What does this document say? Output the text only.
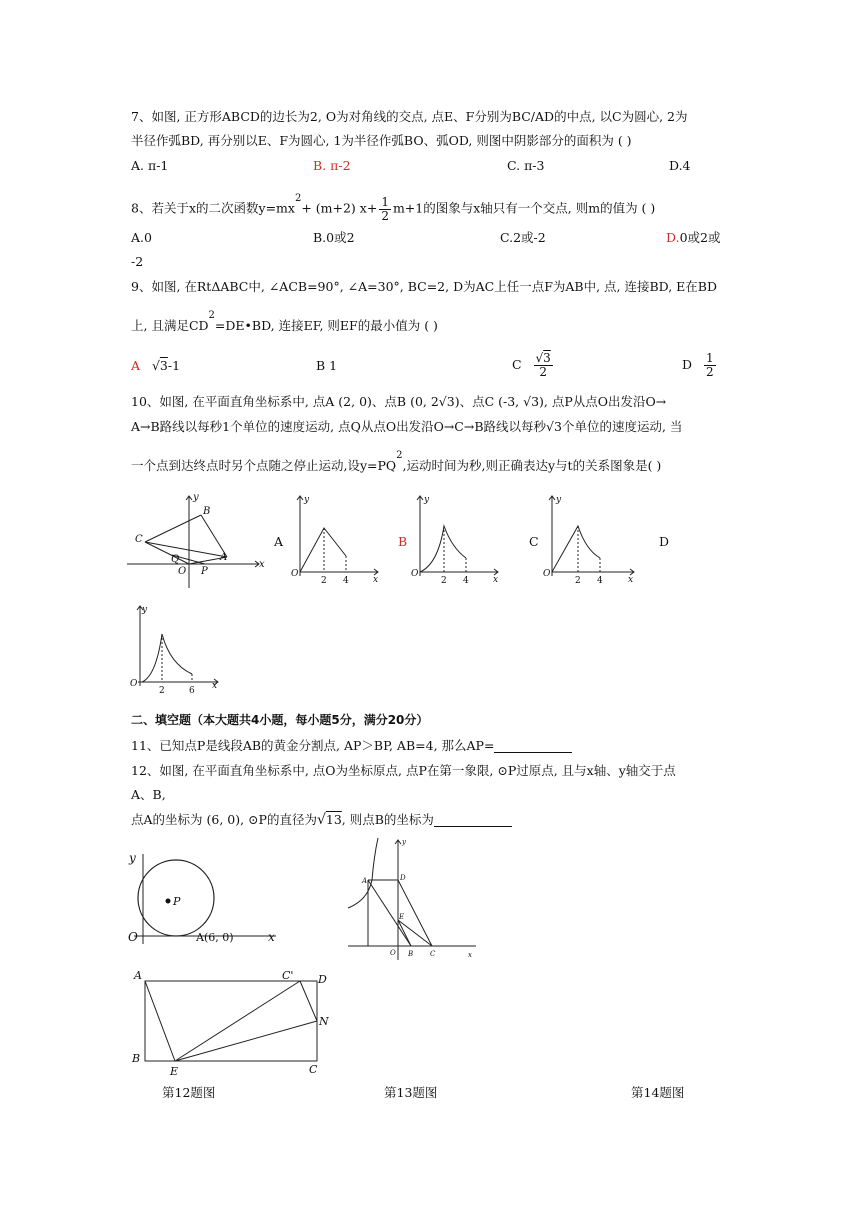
7、如图, 正方形ABCD的边长为2, O为对角线的交点, 点E、F分别为BC/AD的中点, 以C为圆心, 2为
半径作弧BD, 再分别以E、F为圆心, 1为半径作弧BO、弧OD, 则图中阴影部分的面积为 ( )
A. π-1	B. π-2	C. π-3	D.4
8、若关于x的二次函数$y=mx^2+ (m+2)$ $x+ \frac{1}{2} m+1$的图象与x轴只有一个交点, 则m的值为 ( )
A.0	B.0或2	C.2或-2	D.0或2或
-2
9、如图, 在RtΔABC中, ∠ACB=90°, ∠A=30°, BC=2, D为AC上任一点F为AB中, 点, 连接BD, E在BD
上, 且满足$CD^2=DE•BD$, 连接EF, 则EF的最小值为 ( )
A √3-1	B 1	C $\frac{√3}{2}$	D $\frac{1}{2}$
10、如图, 在平面直角坐标系中, 点A (2, 0)、点B (0, 2√3)、点C (-3, √3), 点P从点O出发沿O→
A→B路线以每秒1个单位的速度运动, 点Q从点O出发沿O→C→B路线以每秒√3个单位的速度运动, 当
一个点到达终点时另个点随之停止运动,设$y=PQ^2$,运动时间为秒,则正确表达y与t的关系图象是( )
C
B
Q
O P
A
x
y
A
O
y
x
2 4
B
O
y
x
2 4
C
O
y
x
2 4
D
O
y
x
2	6
二、填空题（本大题共4小题，每小题5分，满分20分）
11、已知点P是线段AB的黄金分割点, AP＞BP, AB=4, 那么AP=
12、如图, 在平面直角坐标系中, 点O为坐标原点, 点P在第一象限, ⊙P过原点, 且与x轴、y轴交于点
A、B,
点A的坐标为 (6, 0), ⊙P的直径为√13, 则点B的坐标为
y
P
O	A(6, 0)	x
y
A	D
E
O B C	x
A	C' D
N
B
E	C
第12题图	第13题图	第14题图
